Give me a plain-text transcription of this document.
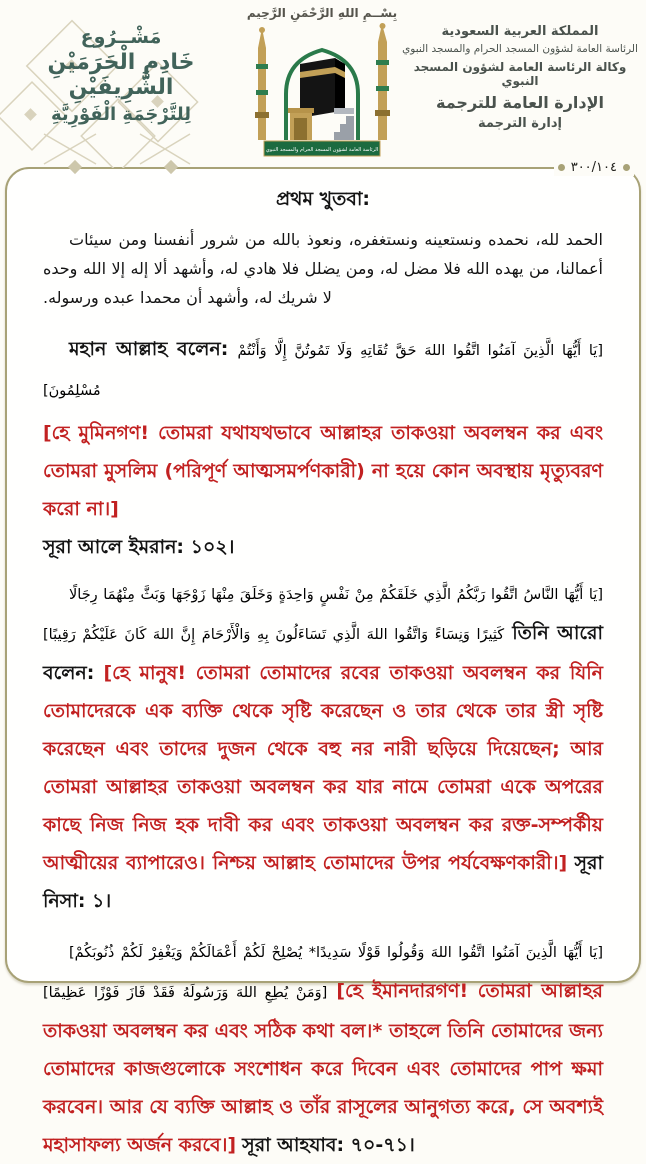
مَشْــرُوع
خَادِمِ الْحَرَمَيْنِ الشَّرِيفَيْنِ
لِلتَّرْجَمَةِ الْفَوْرِيَّةِ
بِسْــمِ اللهِ الرَّحْمَنِ الرَّحِيم
الرئاسة العامة لشؤون المسجد الحرام والمسجد النبوي
المملكة العربية السعودية
الرئاسة العامة لشؤون المسجد الحرام والمسجد النبوي
وكالة الرئاسة العامة لشؤون المسجد النبوي
الإدارة العامة للترجمة
إدارة الترجمة
٣٠٠/١٠٤
প্রথম খুতবা:

الحمد لله، نحمده ونستعينه ونستغفره، ونعوذ بالله من شرور أنفسنا ومن سيئات أعمالنا، من يهده الله فلا مضل له، ومن يضلل فلا هادي له، وأشهد ألا إله إلا الله وحده لا شريك له، وأشهد أن محمدا عبده ورسوله.

মহান আল্লাহ বলেন: [يَا أَيُّهَا الَّذِينَ آمَنُوا اتَّقُوا اللهَ حَقَّ تُقَاتِهِ وَلَا تَمُوتُنَّ إِلَّا وَأَنْتُمْ مُسْلِمُونَ]

[হে মুমিনগণ! তোমরা যথাযথভাবে আল্লাহর তাকওয়া অবলম্বন কর এবং তোমরা মুসলিম (পরিপূর্ণ আত্মসমর্পণকারী) না হয়ে কোন অবস্থায় মৃত্যুবরণ করো না।]

সূরা আলে ইমরান: ১০২।

[يَا أَيُّهَا النَّاسُ اتَّقُوا رَبَّكُمُ الَّذِي خَلَقَكُمْ مِنْ نَفْسٍ وَاحِدَةٍ وَخَلَقَ مِنْهَا زَوْجَهَا وَبَثَّ مِنْهُمَا رِجَالًا كَثِيرًا وَنِسَاءً وَاتَّقُوا اللهَ الَّذِي تَسَاءَلُونَ بِهِ وَالْأَرْحَامَ إِنَّ اللهَ كَانَ عَلَيْكُمْ رَقِيبًا] তিনি আরো বলেন: [হে মানুষ! তোমরা তোমাদের রবের তাকওয়া অবলম্বন কর যিনি তোমাদেরকে এক ব্যক্তি থেকে সৃষ্টি করেছেন ও তার থেকে তার স্ত্রী সৃষ্টি করেছেন এবং তাদের দুজন থেকে বহু নর নারী ছড়িয়ে দিয়েছেন; আর তোমরা আল্লাহর তাকওয়া অবলম্বন কর যার নামে তোমরা একে অপরের কাছে নিজ নিজ হক দাবী কর এবং তাকওয়া অবলম্বন কর রক্ত-সম্পর্কীয় আত্মীয়ের ব্যাপারেও। নিশ্চয় আল্লাহ তোমাদের উপর পর্যবেক্ষণকারী।] সূরা নিসা: ১।

[يَا أَيُّهَا الَّذِينَ آمَنُوا اتَّقُوا اللهَ وَقُولُوا قَوْلًا سَدِيدًا* يُصْلِحْ لَكُمْ أَعْمَالَكُمْ وَيَغْفِرْ لَكُمْ ذُنُوبَكُمْ] [وَمَنْ يُطِعِ اللهَ وَرَسُولَهُ فَقَدْ فَازَ فَوْزًا عَظِيمًا] [হে ইমানদারগণ! তোমরা আল্লাহর তাকওয়া অবলম্বন কর এবং সঠিক কথা বল।* তাহলে তিনি তোমাদের জন্য তোমাদের কাজগুলোকে সংশোধন করে দিবেন এবং তোমাদের পাপ ক্ষমা করবেন। আর যে ব্যক্তি আল্লাহ ও তাঁর রাসূলের আনুগত্য করে, সে অবশ্যই মহাসাফল্য অর্জন করবে।] সূরা আহযাব: ৭০-৭১।
